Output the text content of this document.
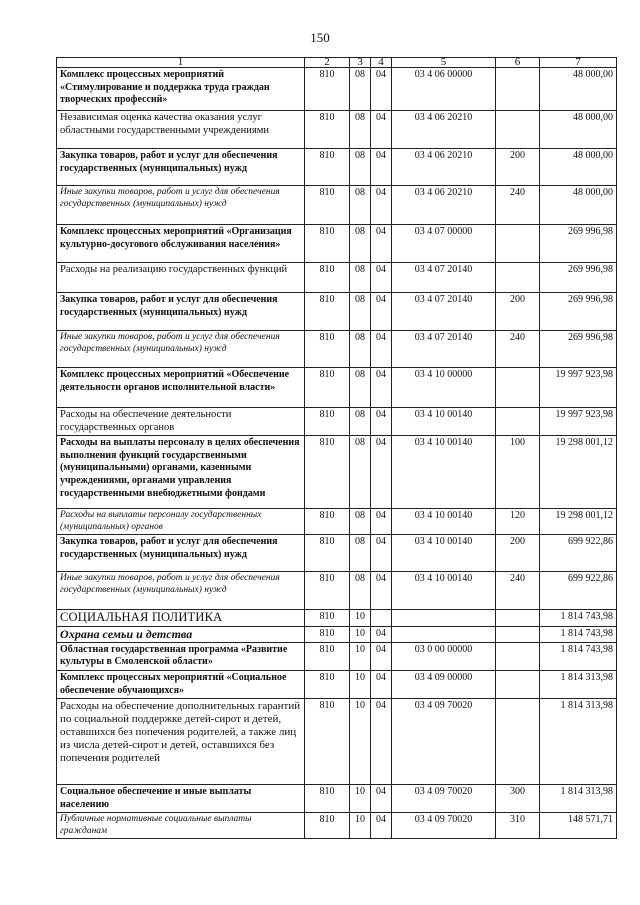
150
1	2	3	4	5	6	7
Комплекс процессных мероприятий «Стимулирование и поддержка труда граждан творческих профессий»	810	08	04	03 4 06 00000		48 000,00
Независимая оценка качества оказания услуг областными государственными учреждениями	810	08	04	03 4 06 20210		48 000,00
Закупка товаров, работ и услуг для обеспечения государственных (муниципальных) нужд	810	08	04	03 4 06 20210	200	48 000,00
Иные закупки товаров, работ и услуг для обеспечения государственных (муниципальных) нужд	810	08	04	03 4 06 20210	240	48 000,00
Комплекс процессных мероприятий «Организация культурно-досугового обслуживания населения»	810	08	04	03 4 07 00000		269 996,98
Расходы на реализацию государственных функций	810	08	04	03 4 07 20140		269 996,98
Закупка товаров, работ и услуг для обеспечения государственных (муниципальных) нужд	810	08	04	03 4 07 20140	200	269 996,98
Иные закупки товаров, работ и услуг для обеспечения государственных (муниципальных) нужд	810	08	04	03 4 07 20140	240	269 996,98
Комплекс процессных мероприятий «Обеспечение деятельности органов исполнительной власти»	810	08	04	03 4 10 00000		19 997 923,98
Расходы на обеспечение деятельности государственных органов	810	08	04	03 4 10 00140		19 997 923,98
Расходы на выплаты персоналу в целях обеспечения выполнения функций государственными (муниципальными) органами, казенными учреждениями, органами управления государственными внебюджетными фондами	810	08	04	03 4 10 00140	100	19 298 001,12
Расходы на выплаты персоналу государственных (муниципальных) органов	810	08	04	03 4 10 00140	120	19 298 001,12
Закупка товаров, работ и услуг для обеспечения государственных (муниципальных) нужд	810	08	04	03 4 10 00140	200	699 922,86
Иные закупки товаров, работ и услуг для обеспечения государственных (муниципальных) нужд	810	08	04	03 4 10 00140	240	699 922,86
СОЦИАЛЬНАЯ ПОЛИТИКА	810	10				1 814 743,98
Охрана семьи и детства	810	10	04			1 814 743,98
Областная государственная программа «Развитие культуры в Смоленской области»	810	10	04	03 0 00 00000		1 814 743,98
Комплекс процессных мероприятий «Социальное обеспечение обучающихся»	810	10	04	03 4 09 00000		1 814 313,98
Расходы на обеспечение дополнительных гарантий по социальной поддержке детей-сирот и детей, оставшихся без попечения родителей, а также лиц из числа детей-сирот и детей, оставшихся без попечения родителей	810	10	04	03 4 09 70020		1 814 313,98
Социальное обеспечение и иные выплаты населению	810	10	04	03 4 09 70020	300	1 814 313,98
Публичные нормативные социальные выплаты гражданам	810	10	04	03 4 09 70020	310	148 571,71
